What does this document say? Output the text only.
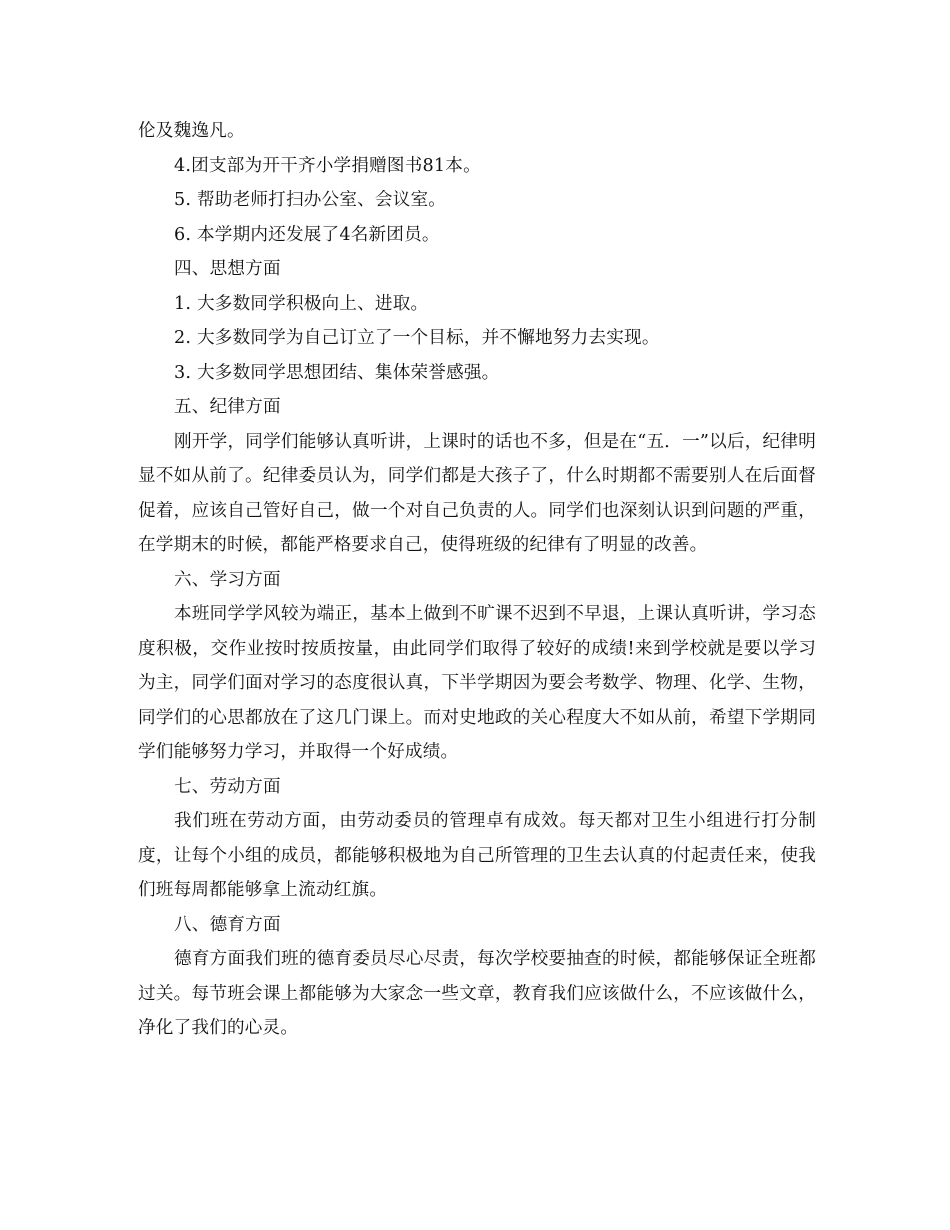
伦及魏逸凡。
4.团支部为开干齐小学捐赠图书81本。
5. 帮助老师打扫办公室、会议室。
6. 本学期内还发展了4名新团员。
四、思想方面
1. 大多数同学积极向上、进取。
2. 大多数同学为自己订立了一个目标，并不懈地努力去实现。
3. 大多数同学思想团结、集体荣誉感强。
五、纪律方面
刚开学，同学们能够认真听讲，上课时的话也不多，但是在“五．一”以后，纪律明显不如从前了。纪律委员认为，同学们都是大孩子了，什么时期都不需要别人在后面督促着，应该自己管好自己，做一个对自己负责的人。同学们也深刻认识到问题的严重，在学期末的时候，都能严格要求自己，使得班级的纪律有了明显的改善。
六、学习方面
本班同学学风较为端正，基本上做到不旷课不迟到不早退，上课认真听讲，学习态度积极，交作业按时按质按量，由此同学们取得了较好的成绩!来到学校就是要以学习为主，同学们面对学习的态度很认真，下半学期因为要会考数学、物理、化学、生物，同学们的心思都放在了这几门课上。而对史地政的关心程度大不如从前，希望下学期同学们能够努力学习，并取得一个好成绩。
七、劳动方面
我们班在劳动方面，由劳动委员的管理卓有成效。每天都对卫生小组进行打分制度，让每个小组的成员，都能够积极地为自己所管理的卫生去认真的付起责任来，使我们班每周都能够拿上流动红旗。
八、德育方面
德育方面我们班的德育委员尽心尽责，每次学校要抽查的时候，都能够保证全班都过关。每节班会课上都能够为大家念一些文章，教育我们应该做什么，不应该做什么，净化了我们的心灵。
